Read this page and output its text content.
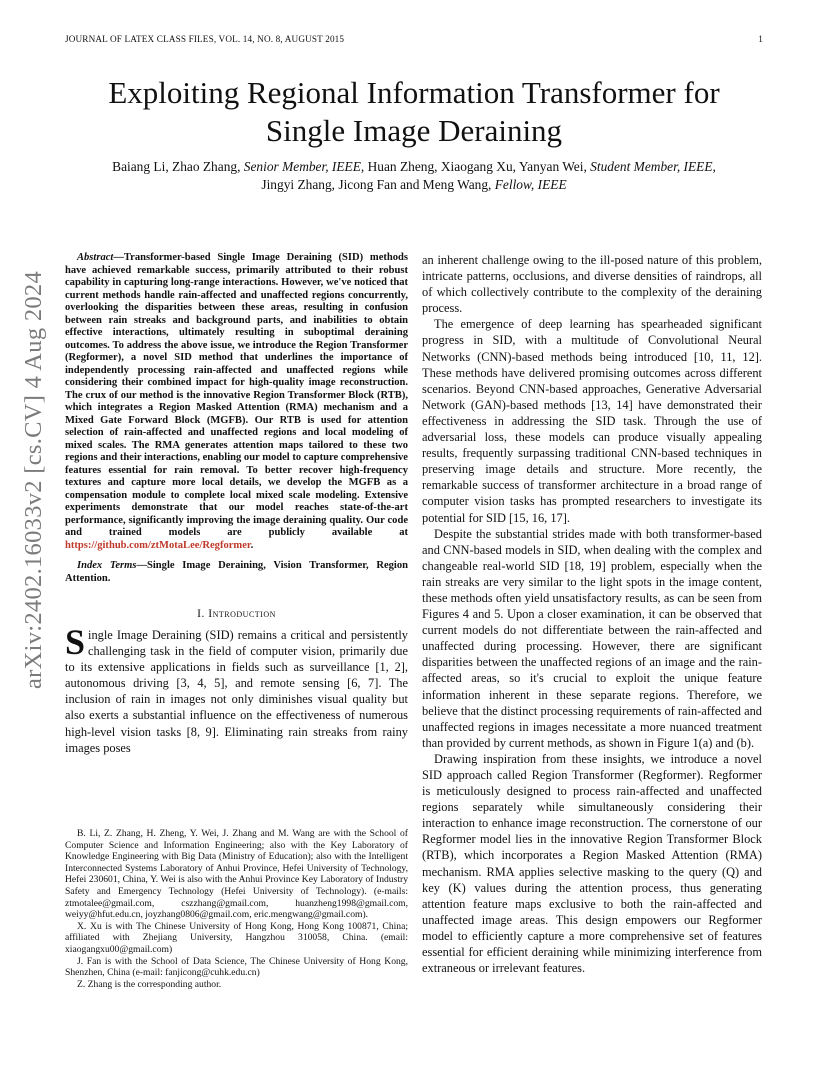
JOURNAL OF LATEX CLASS FILES, VOL. 14, NO. 8, AUGUST 2015	1
arXiv:2402.16033v2 [cs.CV] 4 Aug 2024
Exploiting Regional Information Transformer for
Single Image Deraining
Baiang Li, Zhao Zhang, Senior Member, IEEE, Huan Zheng, Xiaogang Xu, Yanyan Wei, Student Member, IEEE,
Jingyi Zhang, Jicong Fan and Meng Wang, Fellow, IEEE

Abstract—Transformer-based Single Image Deraining (SID) methods have achieved remarkable success, primarily attributed to their robust capability in capturing long-range interactions. However, we've noticed that current methods handle rain-affected and unaffected regions concurrently, overlooking the disparities between these areas, resulting in confusion between rain streaks and background parts, and inabilities to obtain effective interactions, ultimately resulting in suboptimal deraining outcomes. To address the above issue, we introduce the Region Transformer (Regformer), a novel SID method that underlines the importance of independently processing rain-affected and unaffected regions while considering their combined impact for high-quality image reconstruction. The crux of our method is the innovative Region Transformer Block (RTB), which integrates a Region Masked Attention (RMA) mechanism and a Mixed Gate Forward Block (MGFB). Our RTB is used for attention selection of rain-affected and unaffected regions and local modeling of mixed scales. The RMA generates attention maps tailored to these two regions and their interactions, enabling our model to capture comprehensive features essential for rain removal. To better recover high-frequency textures and capture more local details, we develop the MGFB as a compensation module to complete local mixed scale modeling. Extensive experiments demonstrate that our model reaches state-of-the-art performance, significantly improving the image deraining quality. Our code and trained models are publicly available at https://github.com/ztMotaLee/Regformer.

Index Terms—Single Image Deraining, Vision Transformer, Region Attention.

I. Introduction

Single Image Deraining (SID) remains a critical and persistently challenging task in the field of computer vision, primarily due to its extensive applications in fields such as surveillance [1, 2], autonomous driving [3, 4, 5], and remote sensing [6, 7]. The inclusion of rain in images not only diminishes visual quality but also exerts a substantial influence on the effectiveness of numerous high-level vision tasks [8, 9]. Eliminating rain streaks from rainy images poses

B. Li, Z. Zhang, H. Zheng, Y. Wei, J. Zhang and M. Wang are with the School of Computer Science and Information Engineering; also with the Key Laboratory of Knowledge Engineering with Big Data (Ministry of Education); also with the Intelligent Interconnected Systems Laboratory of Anhui Province, Hefei University of Technology, Hefei 230601, China, Y. Wei is also with the Anhui Province Key Laboratory of Industry Safety and Emergency Technology (Hefei University of Technology). (e-mails: ztmotalee@gmail.com, cszzhang@gmail.com, huanzheng1998@gmail.com, weiyy@hfut.edu.cn, joyzhang0806@gmail.com, eric.mengwang@gmail.com).

X. Xu is with The Chinese University of Hong Kong, Hong Kong 100871, China; affiliated with Zhejiang University, Hangzhou 310058, China. (email: xiaogangxu00@gmail.com)

J. Fan is with the School of Data Science, The Chinese University of Hong Kong, Shenzhen, China (e-mail: fanjicong@cuhk.edu.cn)

Z. Zhang is the corresponding author.

an inherent challenge owing to the ill-posed nature of this problem, intricate patterns, occlusions, and diverse densities of raindrops, all of which collectively contribute to the complexity of the deraining process.

The emergence of deep learning has spearheaded significant progress in SID, with a multitude of Convolutional Neural Networks (CNN)-based methods being introduced [10, 11, 12]. These methods have delivered promising outcomes across different scenarios. Beyond CNN-based approaches, Generative Adversarial Network (GAN)-based methods [13, 14] have demonstrated their effectiveness in addressing the SID task. Through the use of adversarial loss, these models can produce visually appealing results, frequently surpassing traditional CNN-based techniques in preserving image details and structure. More recently, the remarkable success of transformer architecture in a broad range of computer vision tasks has prompted researchers to investigate its potential for SID [15, 16, 17].

Despite the substantial strides made with both transformer-based and CNN-based models in SID, when dealing with the complex and changeable real-world SID [18, 19] problem, especially when the rain streaks are very similar to the light spots in the image content, these methods often yield unsatisfactory results, as can be seen from Figures 4 and 5. Upon a closer examination, it can be observed that current models do not differentiate between the rain-affected and unaffected during processing. However, there are significant disparities between the unaffected regions of an image and the rain-affected areas, so it's crucial to exploit the unique feature information inherent in these separate regions. Therefore, we believe that the distinct processing requirements of rain-affected and unaffected regions in images necessitate a more nuanced treatment than provided by current methods, as shown in Figure 1(a) and (b).

Drawing inspiration from these insights, we introduce a novel SID approach called Region Transformer (Regformer). Regformer is meticulously designed to process rain-affected and unaffected regions separately while simultaneously considering their interaction to enhance image reconstruction. The cornerstone of our Regformer model lies in the innovative Region Transformer Block (RTB), which incorporates a Region Masked Attention (RMA) mechanism. RMA applies selective masking to the query (Q) and key (K) values during the attention process, thus generating attention feature maps exclusive to both the rain-affected and unaffected image areas. This design empowers our Regformer model to efficiently capture a more comprehensive set of features essential for efficient deraining while minimizing interference from extraneous or irrelevant features.
